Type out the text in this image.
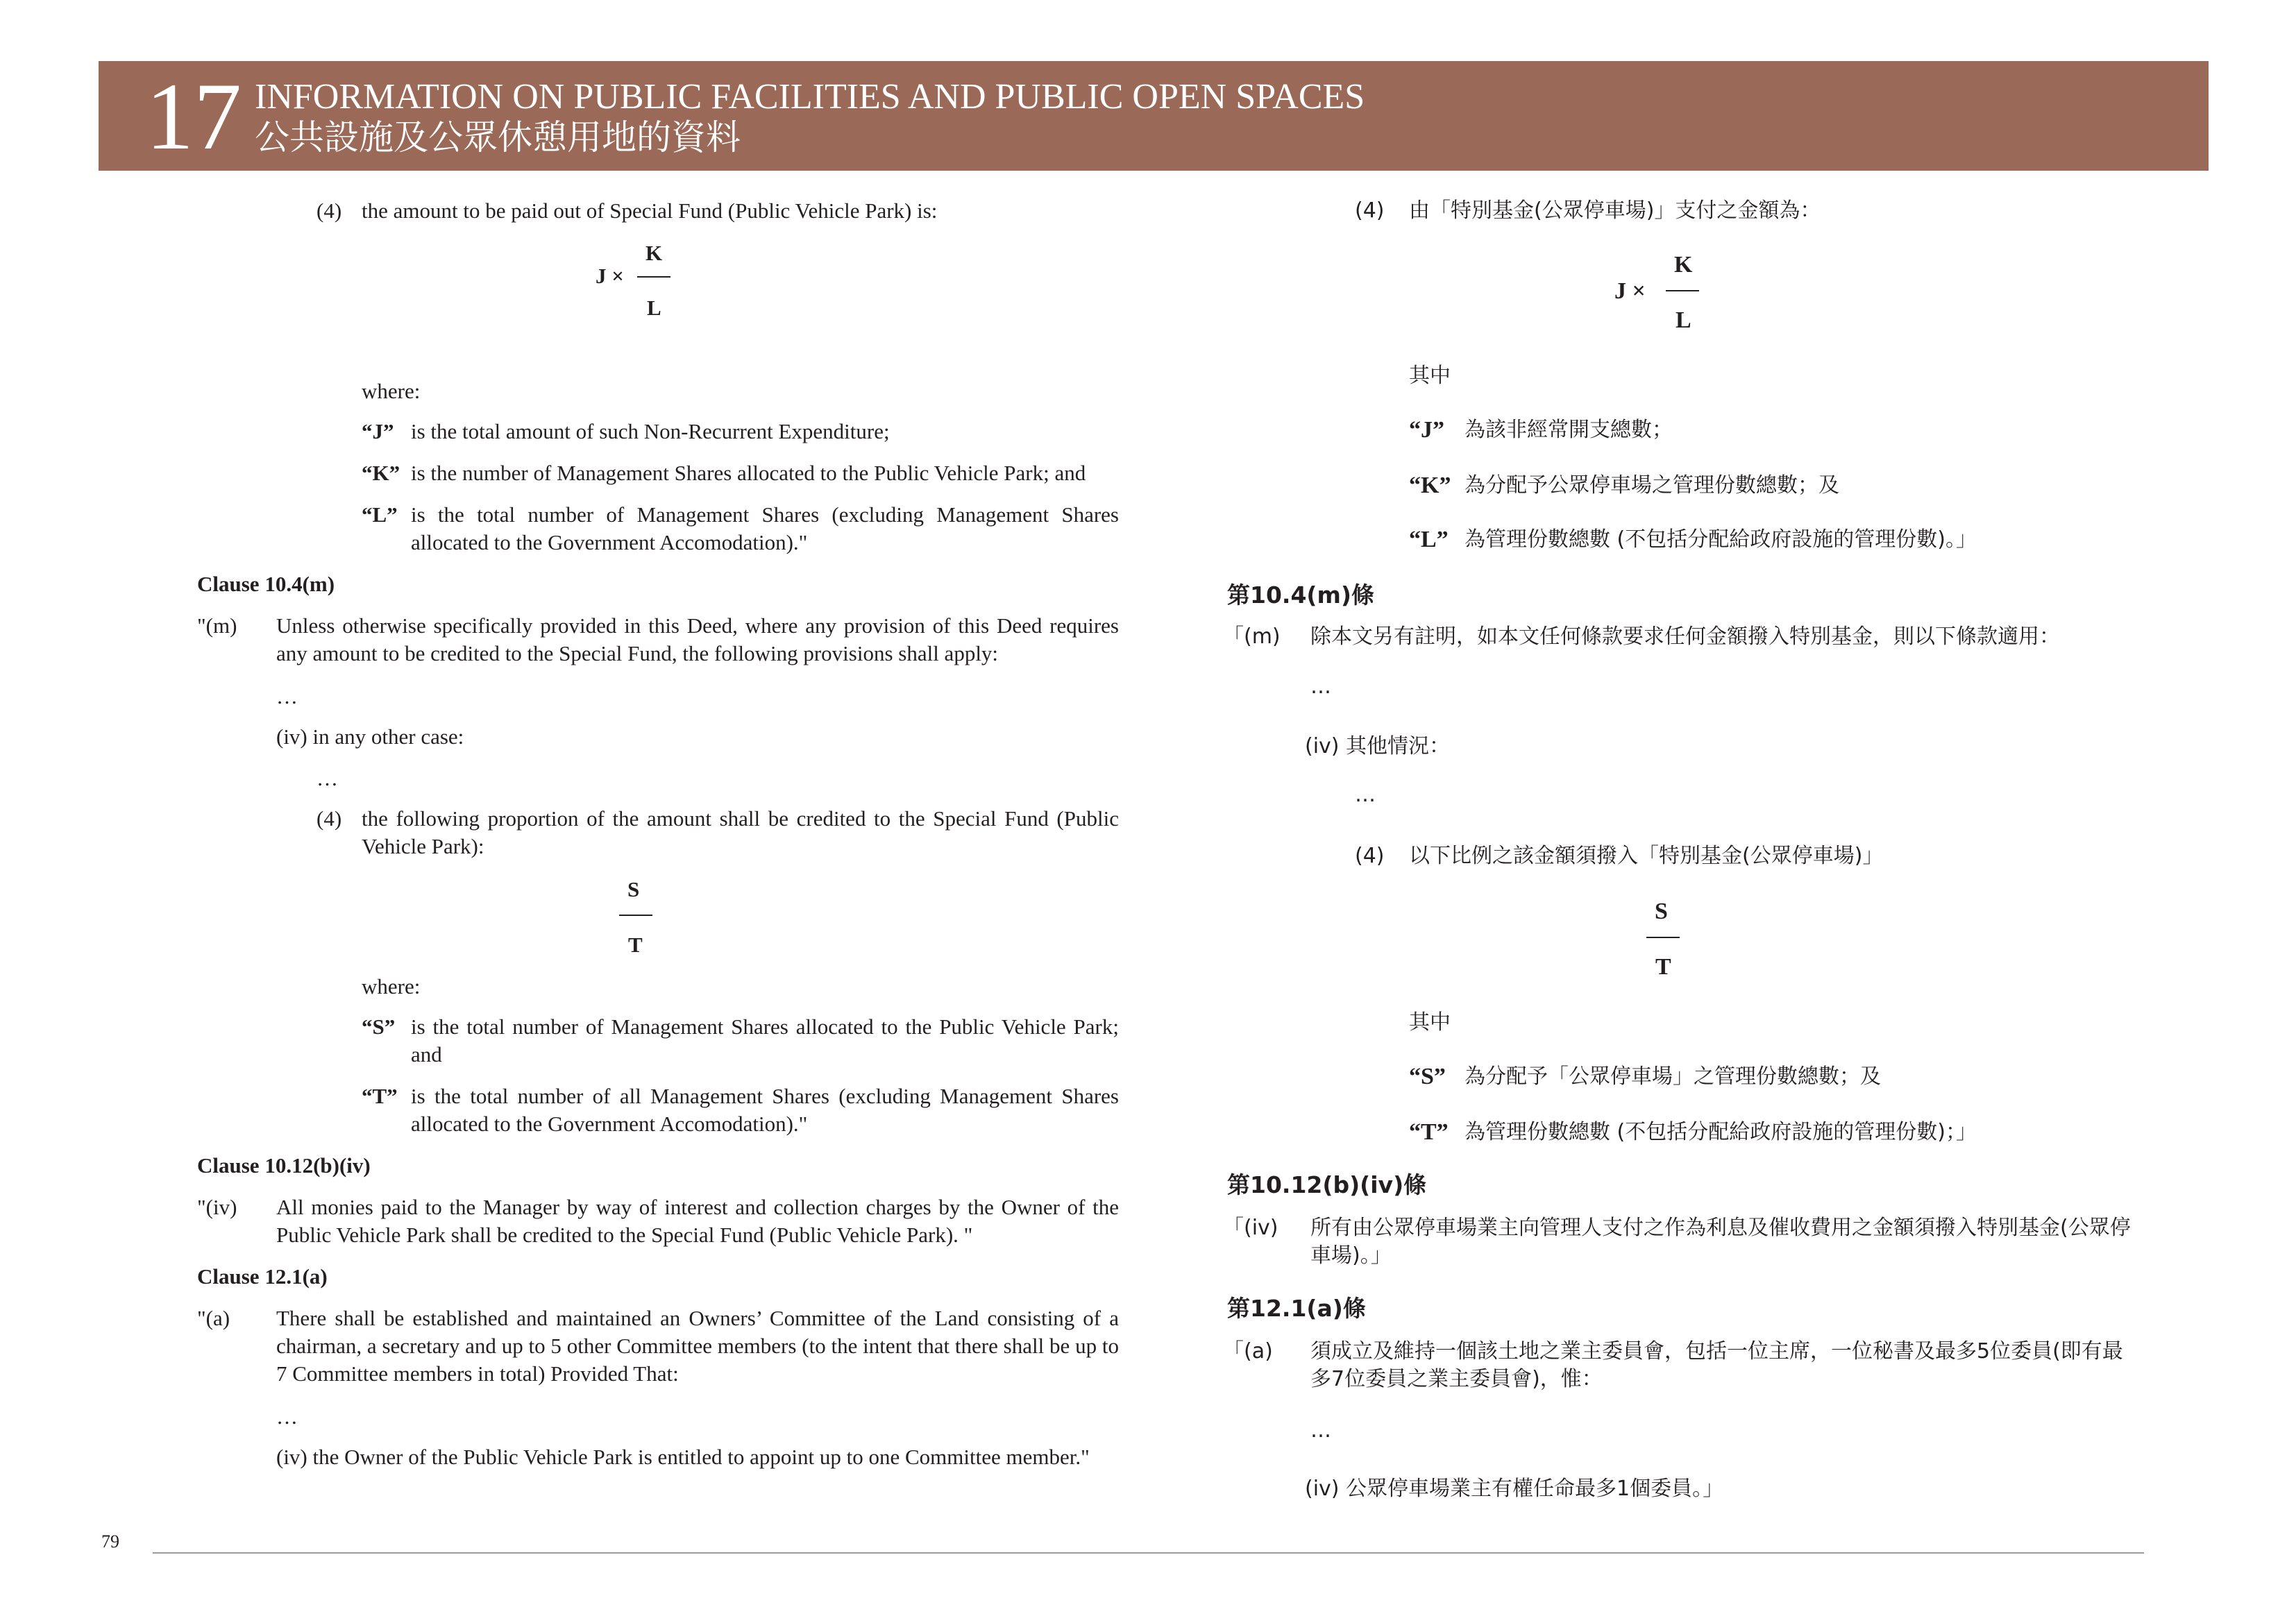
17 INFORMATION ON PUBLIC FACILITIES AND PUBLIC OPEN SPACES
公共設施及公眾休憩用地的資料
(4) the amount to be paid out of Special Fund (Public Vehicle Park) is:
J ×
K
L
where:
“J” is the total amount of such Non-Recurrent Expenditure;
“K” is the number of Management Shares allocated to the Public Vehicle Park; and
“L” is the total number of Management Shares (excluding Management Shares allocated to the Government Accomodation)."
Clause 10.4(m)
"(m) Unless otherwise specifically provided in this Deed, where any provision of this Deed requires any amount to be credited to the Special Fund, the following provisions shall apply:
…
(iv) in any other case:
…
(4) the following proportion of the amount shall be credited to the Special Fund (Public Vehicle Park):
S
T
where:
“S” is the total number of Management Shares allocated to the Public Vehicle Park; and
“T” is the total number of all Management Shares (excluding Management Shares allocated to the Government Accomodation)."
Clause 10.12(b)(iv)
"(iv) All monies paid to the Manager by way of interest and collection charges by the Owner of the Public Vehicle Park shall be credited to the Special Fund (Public Vehicle Park). "
Clause 12.1(a)
"(a) There shall be established and maintained an Owners’ Committee of the Land consisting of a chairman, a secretary and up to 5 other Committee members (to the intent that there shall be up to 7 Committee members in total) Provided That:
…
(iv) the Owner of the Public Vehicle Park is entitled to appoint up to one Committee member."
(4) 由「特別基金(公眾停車場)」支付之金額為：
J ×
K
L
其中
“J” 為該非經常開支總數；
“K” 為分配予公眾停車場之管理份數總數；及
“L” 為管理份數總數 (不包括分配給政府設施的管理份數)。」
第10.4(m)條
「(m) 除本文另有註明，如本文任何條款要求任何金額撥入特別基金，則以下條款適用：
…
(iv) 其他情況：
…
(4) 以下比例之該金額須撥入「特別基金(公眾停車場)」
S
T
其中
“S” 為分配予「公眾停車場」之管理份數總數；及
“T” 為管理份數總數 (不包括分配給政府設施的管理份數)；」
第10.12(b)(iv)條
「(iv) 所有由公眾停車場業主向管理人支付之作為利息及催收費用之金額須撥入特別基金(公眾停車場)。」
第12.1(a)條
「(a) 須成立及維持一個該土地之業主委員會，包括一位主席，一位秘書及最多5位委員(即有最多7位委員之業主委員會)，惟：
…
(iv) 公眾停車場業主有權任命最多1個委員。」
79
